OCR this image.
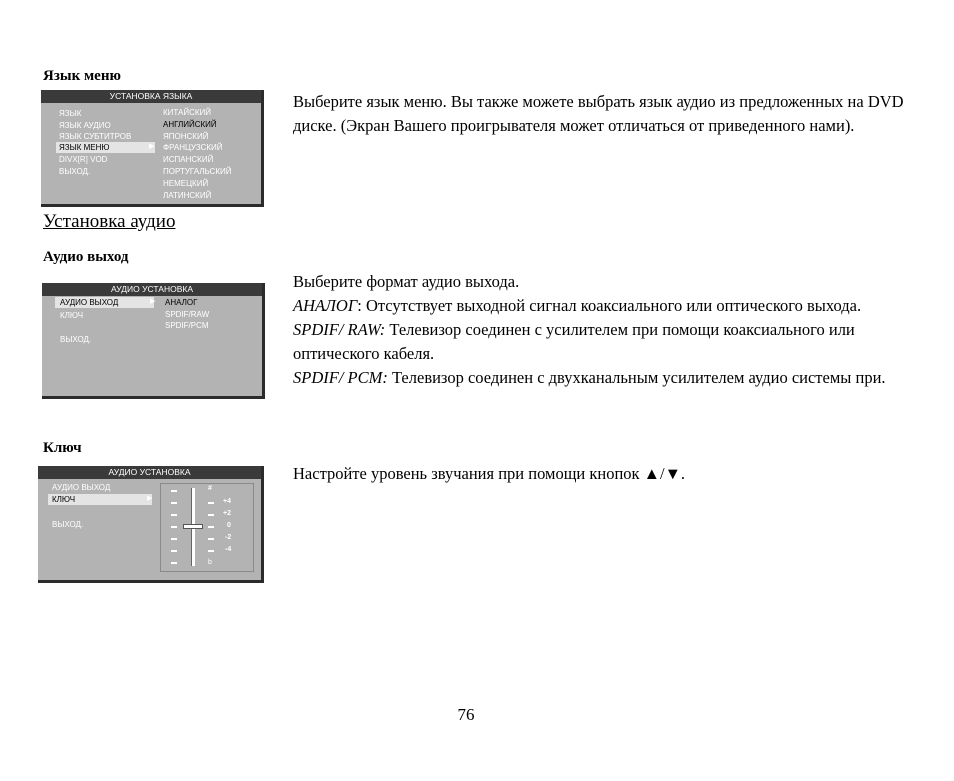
Язык меню
УСТАНОВКА ЯЗЫКА
ЯЗЫК
ЯЗЫК АУДИО
ЯЗЫК СУБТИТРОВ
ЯЗЫК МЕНЮ	▶
DIVX[R] VOD
ВЫХОД.
КИТАЙСКИЙ
АНГЛИЙСКИЙ
ЯПОНСКИЙ
ФРАНЦУЗСКИЙ
ИСПАНСКИЙ
ПОРТУГАЛЬСКИЙ
НЕМЕЦКИЙ
ЛАТИНСКИЙ

Выберите язык меню. Вы также можете выбрать язык аудио из предложенных на DVD диске. (Экран Вашего проигрывателя может отличаться от приведенного нами).

Установка аудио
Аудио выход
АУДИО УСТАНОВКА
АУДИО ВЫХОД	▶
КЛЮЧ
ВЫХОД.
АНАЛОГ
SPDIF/RAW
SPDIF/PCM

Выберите формат аудио выхода.

АНАЛОГ: Отсутствует выходной сигнал коаксиального или оптического выхода.

SPDIF/ RAW: Телевизор соединен с усилителем при помощи коаксиального или оптического кабеля.

SPDIF/ PCM: Телевизор соединен с двухканальным усилителем аудио системы при.

Ключ
АУДИО УСТАНОВКА
АУДИО ВЫХОД
КЛЮЧ	▶
ВЫХОД.
#
+4
+2
0
-2
-4
b

Настройте уровень звучания при помощи кнопок ▲/▼.

76
